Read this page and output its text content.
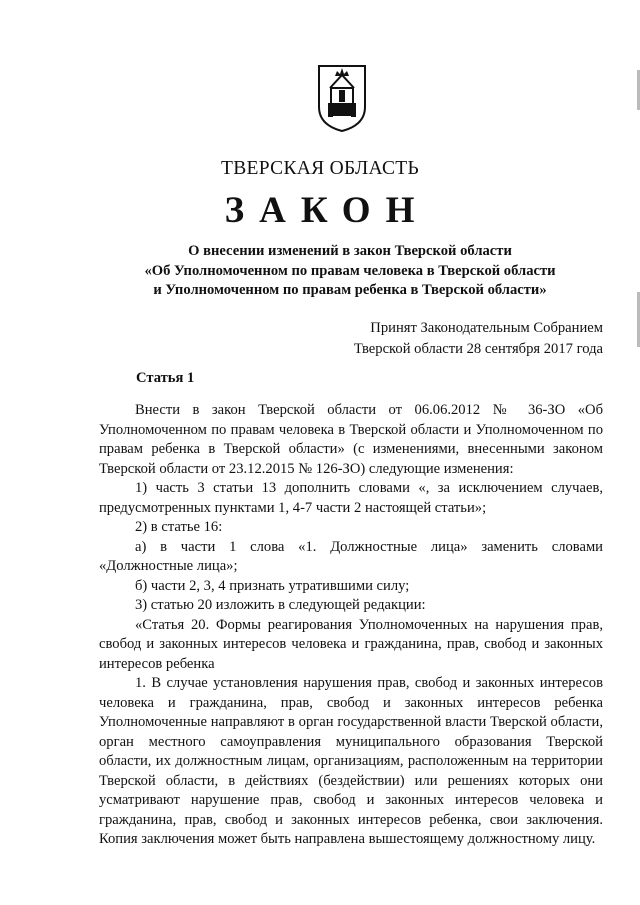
ТВЕРСКАЯ ОБЛАСТЬ
ЗАКОН
О внесении изменений в закон Тверской области
«Об Уполномоченном по правам человека в Тверской области
и Уполномоченном по правам ребенка в Тверской области»
Принят Законодательным Собранием
Тверской области 28 сентября 2017 года
Статья 1

Внести в закон Тверской области от 06.06.2012 № 36-ЗО «Об Уполномоченном по правам человека в Тверской области и Уполномоченном по правам ребенка в Тверской области» (с изменениями, внесенными законом Тверской области от 23.12.2015 № 126-ЗО) следующие изменения:

1) часть 3 статьи 13 дополнить словами «, за исключением случаев, предусмотренных пунктами 1, 4-7 части 2 настоящей статьи»;

2) в статье 16:

а) в части 1 слова «1. Должностные лица» заменить словами «Должностные лица»;

б) части 2, 3, 4 признать утратившими силу;

3) статью 20 изложить в следующей редакции:

«Статья 20. Формы реагирования Уполномоченных на нарушения прав, свобод и законных интересов человека и гражданина, прав, свобод и законных интересов ребенка

1. В случае установления нарушения прав, свобод и законных интересов человека и гражданина, прав, свобод и законных интересов ребенка Уполномоченные направляют в орган государственной власти Тверской области, орган местного самоуправления муниципального образования Тверской области, их должностным лицам, организациям, расположенным на территории Тверской области, в действиях (бездействии) или решениях которых они усматривают нарушение прав, свобод и законных интересов человека и гражданина, прав, свобод и законных интересов ребенка, свои заключения. Копия заключения может быть направлена вышестоящему должностному лицу.
